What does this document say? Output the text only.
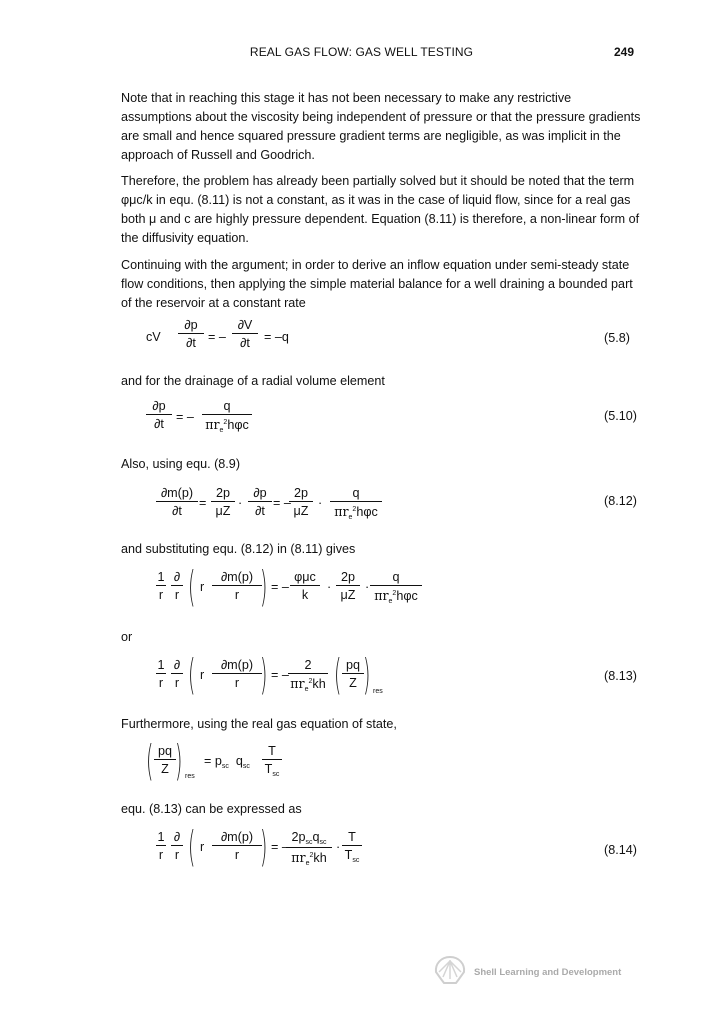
REAL GAS FLOW: GAS WELL TESTING	249

Note that in reaching this stage it has not been necessary to make any restrictive assumptions about the viscosity being independent of pressure or that the pressure gradients are small and hence squared pressure gradient terms are negligible, as was implicit in the approach of Russell and Goodrich.

Therefore, the problem has already been partially solved but it should be noted that the term φμc/k in equ. (8.11) is not a constant, as it was in the case of liquid flow, since for a real gas both μ and c are highly pressure dependent. Equation (8.11) is therefore, a non-linear form of the diffusivity equation.

Continuing with the argument; in order to derive an inflow equation under semi-steady state flow conditions, then applying the simple material balance for a well draining a bounded part of the reservoir at a constant rate

cV $\frac{\partial p}{\partial t}$ = – $\frac{\partial V}{\partial t} = -q$	(5.8)

and for the drainage of a radial volume element

$\frac{\partial p}{\partial t}$ = –
q
$\pi r_e^2h\varphi c$
(5.10)

Also, using equ. (8.9)

$\frac{\partial m(p)}{\partial t} = \frac{2p}{\mu Z} \cdot \frac{\partial p}{\partial t}$ = –
$\frac{2p}{\mu Z}$ ·
q
$\pi r_e^2h\varphi c$
(8.12)

and substituting equ. (8.12) in (8.11) gives

$\frac{1}{r}$ ∂
r ( r $\frac{\partial m(p)}{r}$
) = –
φμc
k
· $\frac{2p}{\mu Z}$ ·
q
$\pi r_e^2h\varphi c$

or

$\frac{1}{r}$ ∂
r ( r $\frac{\partial m(p)}{r}$
) = –
2
$\pi r_e^2kh$ ( $\frac{pq}{Z}$ ) res
(8.13)

Furthermore, using the real gas equation of state,

( $\frac{pq}{Z}$ ) res
= $p_{sc}$ $q_{sc}$
T
$T_{sc}$

equ. (8.13) can be expressed as

$\frac{1}{r}$ ∂
r ( r $\frac{\partial m(p)}{r}$
) = –
$2p_{sc}q_{sc}$
$\pi r_e^2kh$
·
T
$T_{sc}$
(8.14)
Shell Learning and Development
